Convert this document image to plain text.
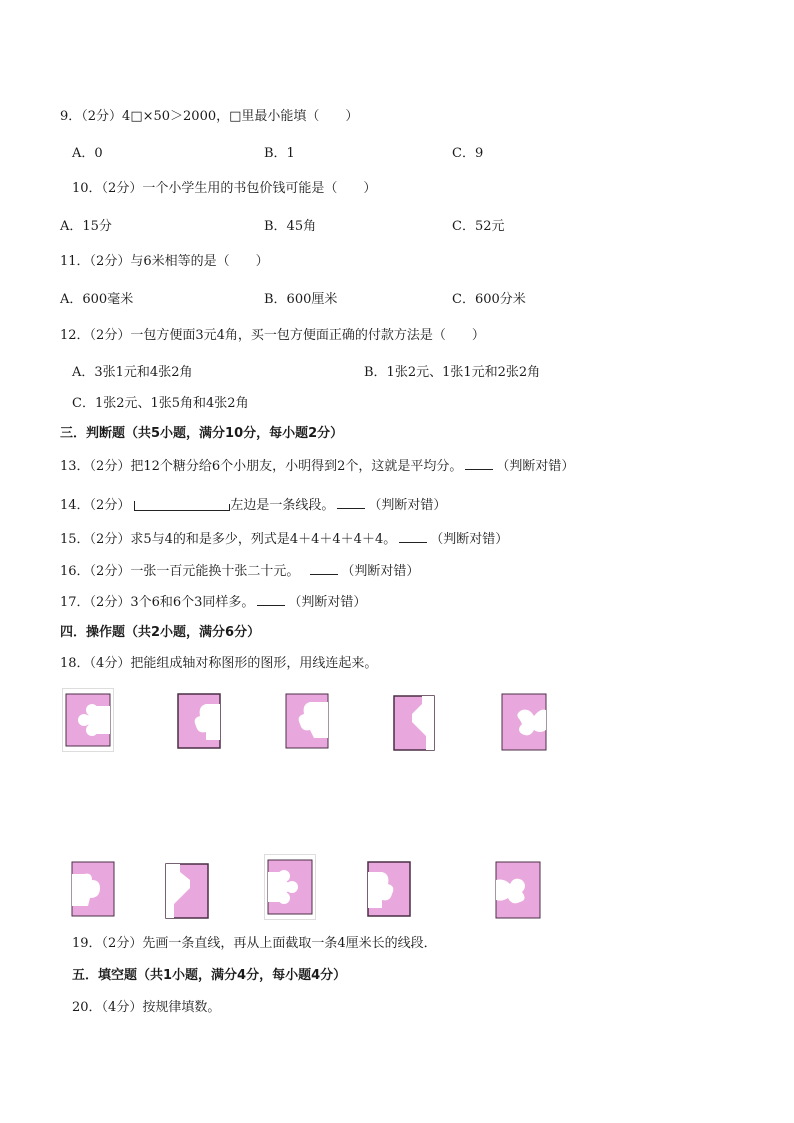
9．（2分）4□×50＞2000，□里最小能填（　　）
A．0	B．1	C．9
10．（2分）一个小学生用的书包价钱可能是（　　）
A．15分	B．45角	C．52元
11．（2分）与6米相等的是（　　）
A．600毫米	B．600厘米	C．600分米
12．（2分）一包方便面3元4角，买一包方便面正确的付款方法是（　　）
A．3张1元和4张2角	B．1张2元、1张1元和2张2角
C．1张2元、1张5角和4张2角
三．判断题（共5小题，满分10分，每小题2分）
13．（2分）把12个糖分给6个小朋友，小明得到2个，这就是平均分。	（判断对错）
14．（2分）	左边是一条线段。	（判断对错）
15．（2分）求5与4的和是多少，列式是4＋4＋4＋4＋4。	（判断对错）
16．（2分）一张一百元能换十张二十元。	（判断对错）
17．（2分）3个6和6个3同样多。	（判断对错）
四．操作题（共2小题，满分6分）
18．（4分）把能组成轴对称图形的图形，用线连起来。
19．（2分）先画一条直线，再从上面截取一条4厘米长的线段．
五．填空题（共1小题，满分4分，每小题4分）
20．（4分）按规律填数。
